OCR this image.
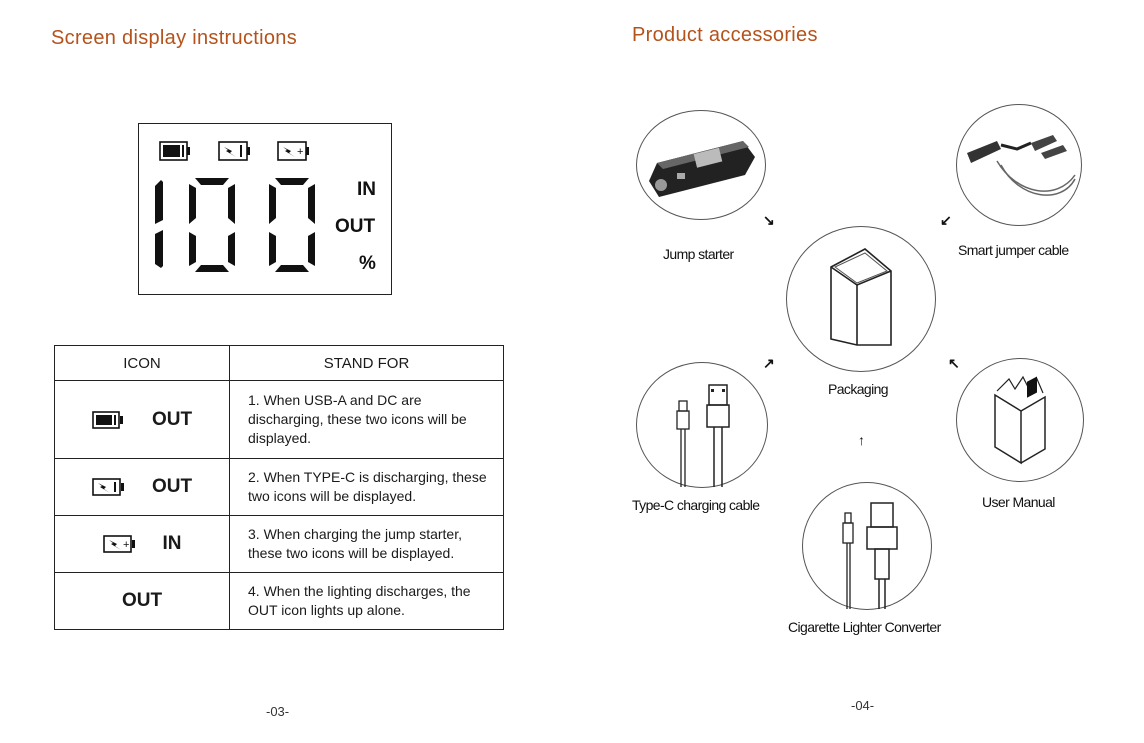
Screen display instructions
+
IN
OUT
%
ICON	STAND FOR

OUT	1. When USB-A and DC are discharging, these two icons will be displayed.

OUT	2. When TYPE-C is discharging, these two icons will be displayed.

+ IN	3. When charging the jump starter, these two icons will be displayed.
OUT	4. When the lighting discharges, the OUT icon lights up alone.
-03-
Product accessories
↘
Jump starter
↙
Smart jumper cable
Packaging
↗	↖
↑
Type-C charging cable	User Manual
Cigarette Lighter Converter
-04-
